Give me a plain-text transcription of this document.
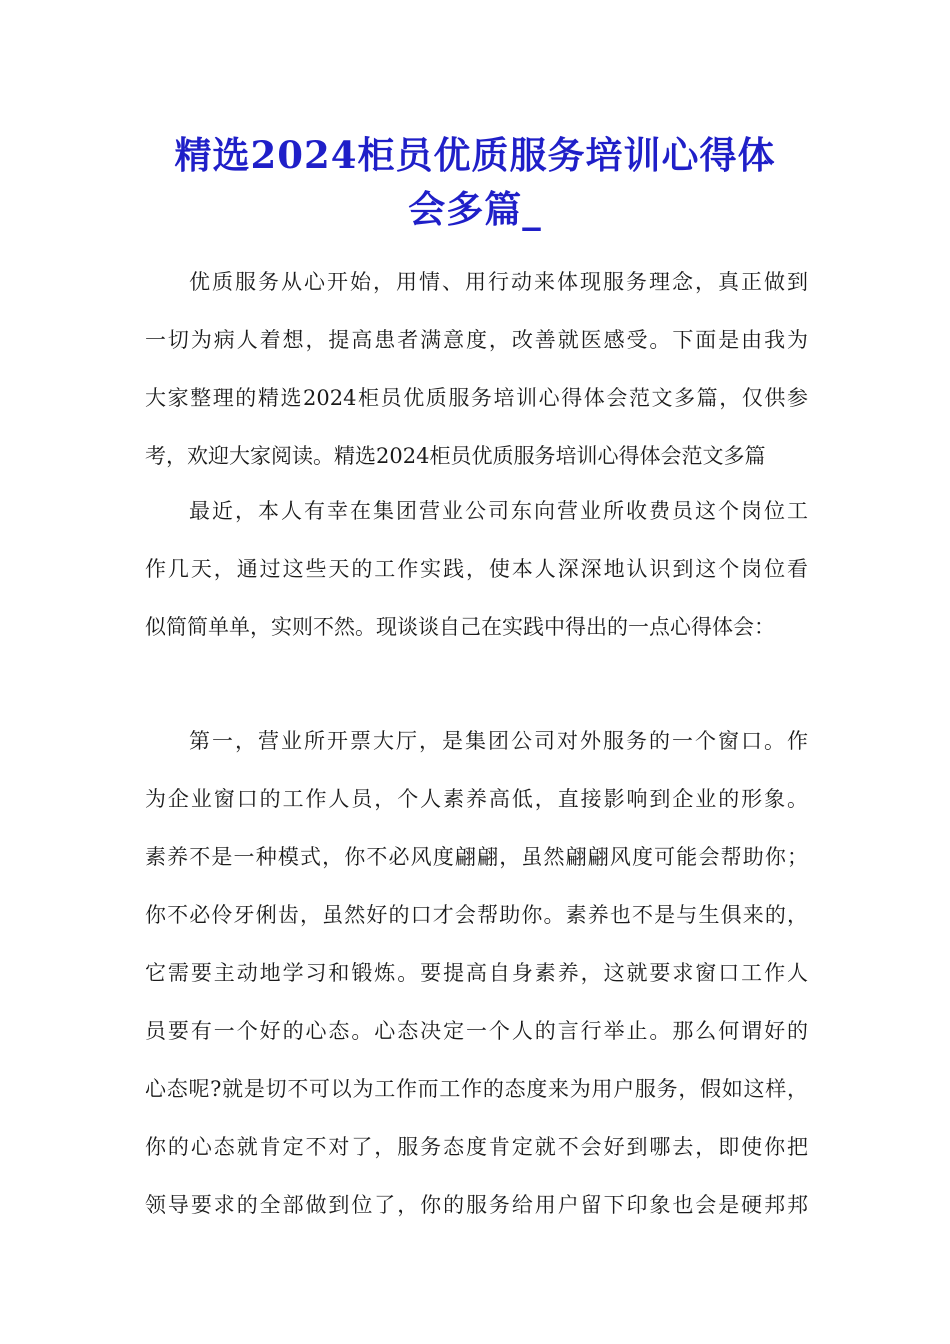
精选2024柜员优质服务培训心得体
会多篇_

优质服务从心开始，用情、用行动来体现服务理念，真正做到
一切为病人着想，提高患者满意度，改善就医感受。下面是由我为
大家整理的精选2024柜员优质服务培训心得体会范文多篇，仅供参
考，欢迎大家阅读。精选2024柜员优质服务培训心得体会范文多篇

最近，本人有幸在集团营业公司东向营业所收费员这个岗位工
作几天，通过这些天的工作实践，使本人深深地认识到这个岗位看
似简简单单，实则不然。现谈谈自己在实践中得出的一点心得体会：

第一，营业所开票大厅，是集团公司对外服务的一个窗口。作
为企业窗口的工作人员，个人素养高低，直接影响到企业的形象。
素养不是一种模式，你不必风度翩翩，虽然翩翩风度可能会帮助你；
你不必伶牙俐齿，虽然好的口才会帮助你。素养也不是与生俱来的，
它需要主动地学习和锻炼。要提高自身素养，这就要求窗口工作人
员要有一个好的心态。心态决定一个人的言行举止。那么何谓好的
心态呢?就是切不可以为工作而工作的态度来为用户服务，假如这样，
你的心态就肯定不对了，服务态度肯定就不会好到哪去，即使你把
领导要求的全部做到位了，你的服务给用户留下印象也会是硬邦邦
